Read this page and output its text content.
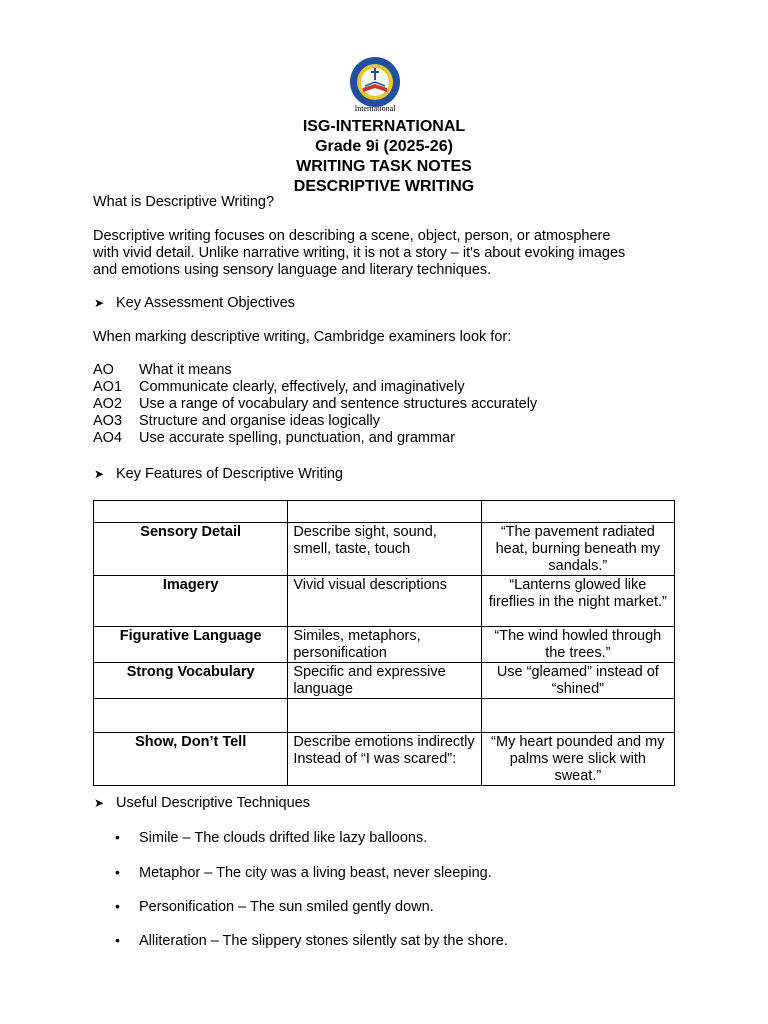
International
ISG-INTERNATIONAL
Grade 9i (2025-26)
WRITING TASK NOTES
DESCRIPTIVE WRITING
What is Descriptive Writing?
Descriptive writing focuses on describing a scene, object, person, or atmosphere
with vivid detail. Unlike narrative writing, it is not a story – it's about evoking images
and emotions using sensory language and literary techniques.
➤ Key Assessment Objectives
When marking descriptive writing, Cambridge examiners look for:
AO What it means
AO1 Communicate clearly, effectively, and imaginatively
AO2 Use a range of vocabulary and sentence structures accurately
AO3 Structure and organise ideas logically
AO4 Use accurate spelling, punctuation, and grammar
➤ Key Features of Descriptive Writing

Sensory Detail	Describe sight, sound, smell, taste, touch	“The pavement radiated heat, burning beneath my sandals.”
Imagery	Vivid visual descriptions	“Lanterns glowed like fireflies in the night market.”
Figurative Language	Similes, metaphors, personification	“The wind howled through the trees.”
Strong Vocabulary	Specific and expressive language	Use “gleamed” instead of “shined”

Show, Don’t Tell	Describe emotions indirectly Instead of “I was scared”:	“My heart pounded and my palms were slick with sweat.”
➤ Useful Descriptive Techniques
• Simile – The clouds drifted like lazy balloons.
• Metaphor – The city was a living beast, never sleeping.
• Personification – The sun smiled gently down.
• Alliteration – The slippery stones silently sat by the shore.
